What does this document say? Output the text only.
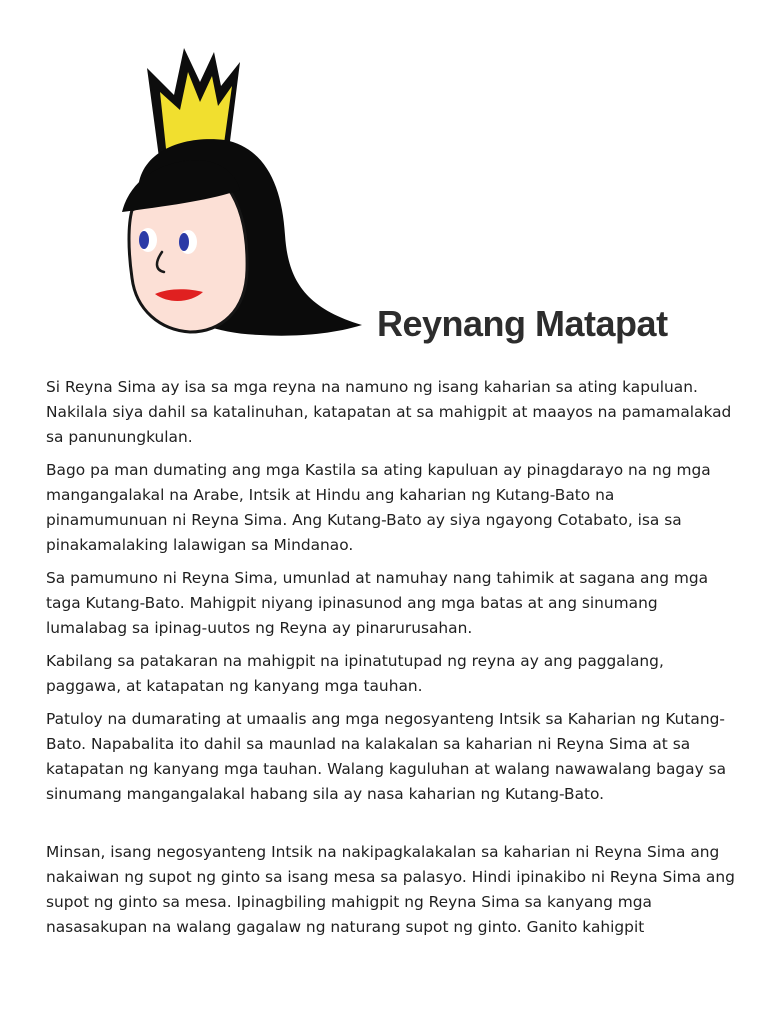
Reynang Matapat

Si Reyna Sima ay isa sa mga reyna na namuno ng isang kaharian sa ating kapuluan. Nakilala siya dahil sa katalinuhan, katapatan at sa mahigpit at maayos na pamamalakad sa panunungkulan.

Bago pa man dumating ang mga Kastila sa ating kapuluan ay pinagdarayo na ng mga mangangalakal na Arabe, Intsik at Hindu ang kaharian ng Kutang-Bato na pinamumunuan ni Reyna Sima. Ang Kutang-Bato ay siya ngayong Cotabato, isa sa pinakamalaking lalawigan sa Mindanao.

Sa pamumuno ni Reyna Sima, umunlad at namuhay nang tahimik at sagana ang mga taga Kutang-Bato. Mahigpit niyang ipinasunod ang mga batas at ang sinumang lumalabag sa ipinag-uutos ng Reyna ay pinarurusahan.

Kabilang sa patakaran na mahigpit na ipinatutupad ng reyna ay ang paggalang, paggawa, at katapatan ng kanyang mga tauhan.

Patuloy na dumarating at umaalis ang mga negosyanteng Intsik sa Kaharian ng Kutang-Bato. Napabalita ito dahil sa maunlad na kalakalan sa kaharian ni Reyna Sima at sa katapatan ng kanyang mga tauhan. Walang kaguluhan at walang nawawalang bagay sa sinumang mangangalakal habang sila ay nasa kaharian ng Kutang-Bato.

Minsan, isang negosyanteng Intsik na nakipagkalakalan sa kaharian ni Reyna Sima ang nakaiwan ng supot ng ginto sa isang mesa sa palasyo. Hindi ipinakibo ni Reyna Sima ang supot ng ginto sa mesa. Ipinagbiling mahigpit ng Reyna Sima sa kanyang mga nasasakupan na walang gagalaw ng naturang supot ng ginto. Ganito kahigpit
